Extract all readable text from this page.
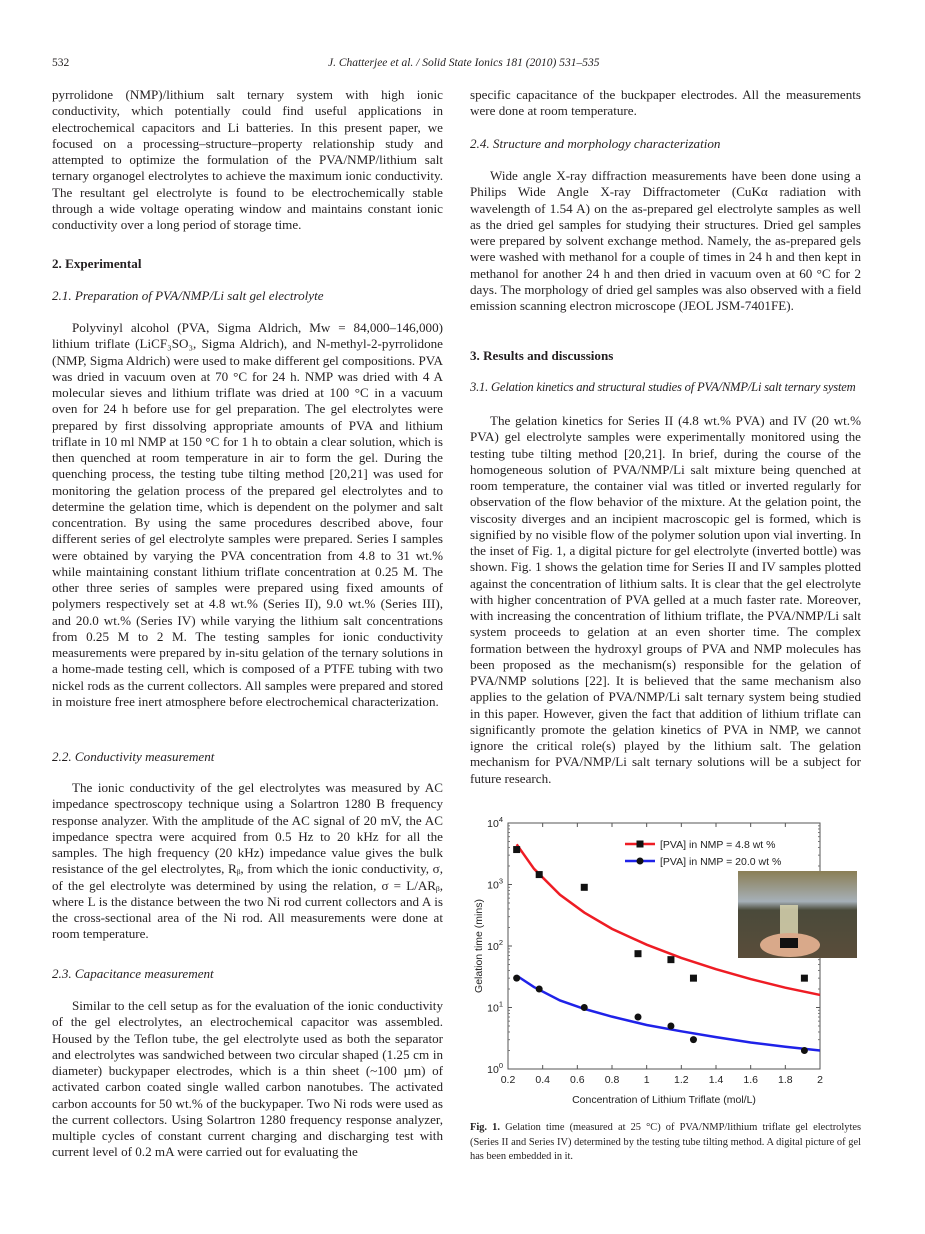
532	J. Chatterjee et al. / Solid State Ionics 181 (2010) 531–535

pyrrolidone (NMP)/lithium salt ternary system with high ionic conductivity, which potentially could find useful applications in electrochemical capacitors and Li batteries. In this present paper, we focused on a processing–structure–property relationship study and attempted to optimize the formulation of the PVA/NMP/lithium salt ternary organogel electrolytes to achieve the maximum ionic conductivity. The resultant gel electrolyte is found to be electrochemically stable through a wide voltage operating window and maintains constant ionic conductivity over a long period of storage time.

2. Experimental
2.1. Preparation of PVA/NMP/Li salt gel electrolyte

Polyvinyl alcohol (PVA, Sigma Aldrich, Mᴡ = 84,000–146,000) lithium triflate (LiCF₃SO₃, Sigma Aldrich), and N-methyl-2-pyrrolidone (NMP, Sigma Aldrich) were used to make different gel compositions. PVA was dried in vacuum oven at 70 °C for 24 h. NMP was dried with 4 A molecular sieves and lithium triflate was dried at 100 °C in a vacuum oven for 24 h before use for gel preparation. The gel electrolytes were prepared by first dissolving appropriate amounts of PVA and lithium triflate in 10 ml NMP at 150 °C for 1 h to obtain a clear solution, which is then quenched at room temperature in air to form the gel. During the quenching process, the testing tube tilting method [20,21] was used for monitoring the gelation process of the prepared gel electrolytes and to determine the gelation time, which is dependent on the polymer and salt concentration. By using the same procedures described above, four different series of gel electrolyte samples were prepared. Series I samples were obtained by varying the PVA concentration from 4.8 to 31 wt.% while maintaining constant lithium triflate concentration at 0.25 M. The other three series of samples were prepared using fixed amounts of polymers respectively set at 4.8 wt.% (Series II), 9.0 wt.% (Series III), and 20.0 wt.% (Series IV) while varying the lithium salt concentrations from 0.25 M to 2 M. The testing samples for ionic conductivity measurements were prepared by in-situ gelation of the ternary solutions in a home-made testing cell, which is composed of a PTFE tubing with two nickel rods as the current collectors. All samples were prepared and stored in moisture free inert atmosphere before electrochemical characterization.

2.2. Conductivity measurement

The ionic conductivity of the gel electrolytes was measured by AC impedance spectroscopy technique using a Solartron 1280 B frequency response analyzer. With the amplitude of the AC signal of 20 mV, the AC impedance spectra were acquired from 0.5 Hz to 20 kHz for all the samples. The high frequency (20 kHz) impedance value gives the bulk resistance of the gel electrolytes, Rᵦ, from which the ionic conductivity, σ, of the gel electrolyte was determined by using the relation, σ = L/ARᵦ, where L is the distance between the two Ni rod current collectors and A is the cross-sectional area of the Ni rod. All measurements were done at room temperature.

2.3. Capacitance measurement

Similar to the cell setup as for the evaluation of the ionic conductivity of the gel electrolytes, an electrochemical capacitor was assembled. Housed by the Teflon tube, the gel electrolyte used as both the separator and electrolytes was sandwiched between two circular shaped (1.25 cm in diameter) buckypaper electrodes, which is a thin sheet (~100 µm) of activated carbon coated single walled carbon nanotubes. The activated carbon accounts for 50 wt.% of the buckypaper. Two Ni rods were used as the current collectors. Using Solartron 1280 frequency response analyzer, multiple cycles of constant current charging and discharging test with current level of 0.2 mA were carried out for evaluating the

specific capacitance of the buckpaper electrodes. All the measurements were done at room temperature.

2.4. Structure and morphology characterization

Wide angle X-ray diffraction measurements have been done using a Philips Wide Angle X-ray Diffractometer (CuKα radiation with wavelength of 1.54 A) on the as-prepared gel electrolyte samples as well as the dried gel samples for studying their structures. Dried gel samples were prepared by solvent exchange method. Namely, the as-prepared gels were washed with methanol for a couple of times in 24 h and then kept in methanol for another 24 h and then dried in vacuum oven at 60 °C for 2 days. The morphology of dried gel samples was also observed with a field emission scanning electron microscope (JEOL JSM-7401FE).

3. Results and discussions
3.1. Gelation kinetics and structural studies of PVA/NMP/Li salt ternary system

The gelation kinetics for Series II (4.8 wt.% PVA) and IV (20 wt.% PVA) gel electrolyte samples were experimentally monitored using the testing tube tilting method [20,21]. In brief, during the course of the homogeneous solution of PVA/NMP/Li salt mixture being quenched at room temperature, the container vial was titled or inverted regularly for observation of the flow behavior of the mixture. At the gelation point, the viscosity diverges and an incipient macroscopic gel is formed, which is signified by no visible flow of the polymer solution upon vial inverting. In the inset of Fig. 1, a digital picture for gel electrolyte (inverted bottle) was shown. Fig. 1 shows the gelation time for Series II and IV samples plotted against the concentration of lithium salts. It is clear that the gel electrolyte with higher concentration of PVA gelled at a much faster rate. Moreover, with increasing the concentration of lithium triflate, the PVA/NMP/Li salt system proceeds to gelation at an even shorter time. The complex formation between the hydroxyl groups of PVA and NMP molecules has been proposed as the mechanism(s) responsible for the gelation of PVA/NMP solutions [22]. It is believed that the same mechanism also applies to the gelation of PVA/NMP/Li salt ternary system being studied in this paper. However, given the fact that addition of lithium triflate can significantly promote the gelation kinetics of PVA in NMP, we cannot ignore the critical role(s) played by the lithium salt. The gelation mechanism for PVA/NMP/Li salt ternary solutions will be a subject for future research.

0.2 0.4 0.6 0.8 1 1.2 1.4 1.6 1.8 2
$10^0$
$10^1$
$10^2$
$10^3$
$10^4$
Concentration of Lithium Triflate (mol/L)
Gelation time (mins)
[PVA] in NMP = 4.8 wt %
[PVA] in NMP = 20.0 wt %
Fig. 1. Gelation time (measured at 25 °C) of PVA/NMP/lithium triflate gel electrolytes (Series II and Series IV) determined by the testing tube tilting method. A digital picture of gel has been embedded in it.
